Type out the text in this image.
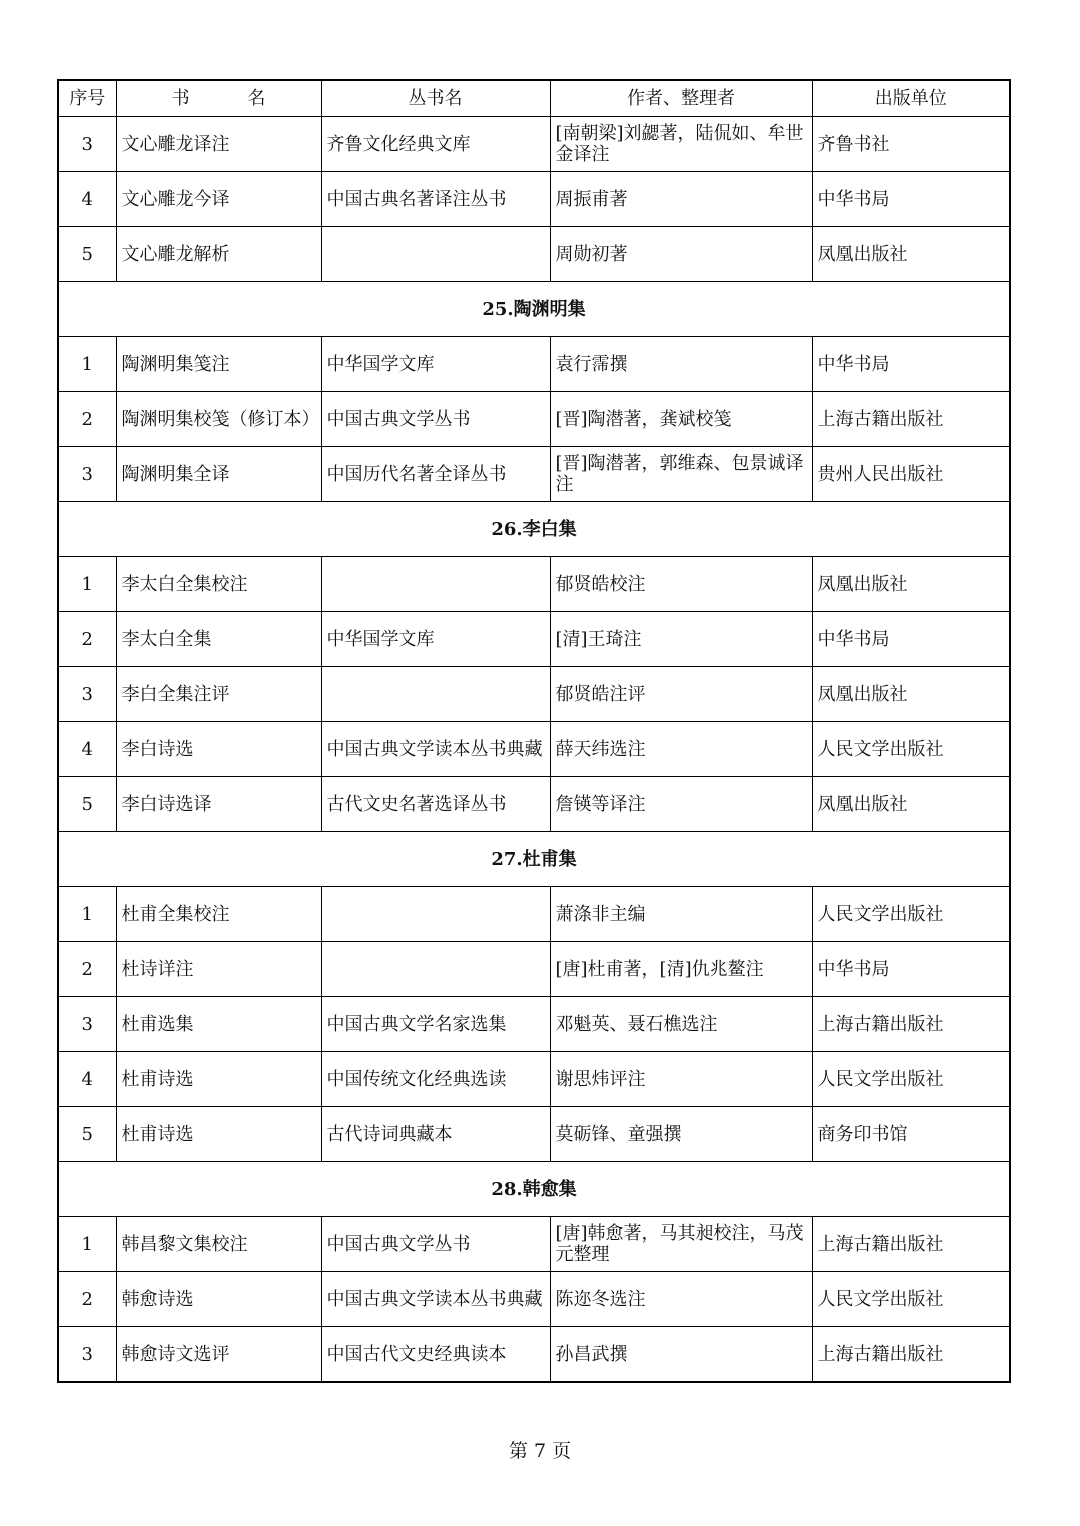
序号	书 名	丛书名	作者、整理者	出版单位
3	文心雕龙译注	齐鲁文化经典文库	[南朝梁]刘勰著，陆侃如、牟世金译注	齐鲁书社
4	文心雕龙今译	中国古典名著译注丛书	周振甫著	中华书局
5	文心雕龙解析		周勋初著	凤凰出版社
25.陶渊明集				
1	陶渊明集笺注	中华国学文库	袁行霈撰	中华书局
2	陶渊明集校笺（修订本）	中国古典文学丛书	[晋]陶潜著，龚斌校笺	上海古籍出版社
3	陶渊明集全译	中国历代名著全译丛书	[晋]陶潜著，郭维森、包景诚译注	贵州人民出版社
26.李白集				
1	李太白全集校注		郁贤皓校注	凤凰出版社
2	李太白全集	中华国学文库	[清]王琦注	中华书局
3	李白全集注评		郁贤皓注评	凤凰出版社
4	李白诗选	中国古典文学读本丛书典藏	薛天纬选注	人民文学出版社
5	李白诗选译	古代文史名著选译丛书	詹锳等译注	凤凰出版社
27.杜甫集				
1	杜甫全集校注		萧涤非主编	人民文学出版社
2	杜诗详注		[唐]杜甫著，[清]仇兆鳌注	中华书局
3	杜甫选集	中国古典文学名家选集	邓魁英、聂石樵选注	上海古籍出版社
4	杜甫诗选	中国传统文化经典选读	谢思炜评注	人民文学出版社
5	杜甫诗选	古代诗词典藏本	莫砺锋、童强撰	商务印书馆
28.韩愈集				
1	韩昌黎文集校注	中国古典文学丛书	[唐]韩愈著，马其昶校注，马茂元整理	上海古籍出版社
2	韩愈诗选	中国古典文学读本丛书典藏	陈迩冬选注	人民文学出版社
3	韩愈诗文选评	中国古代文史经典读本	孙昌武撰	上海古籍出版社
第 7 页
